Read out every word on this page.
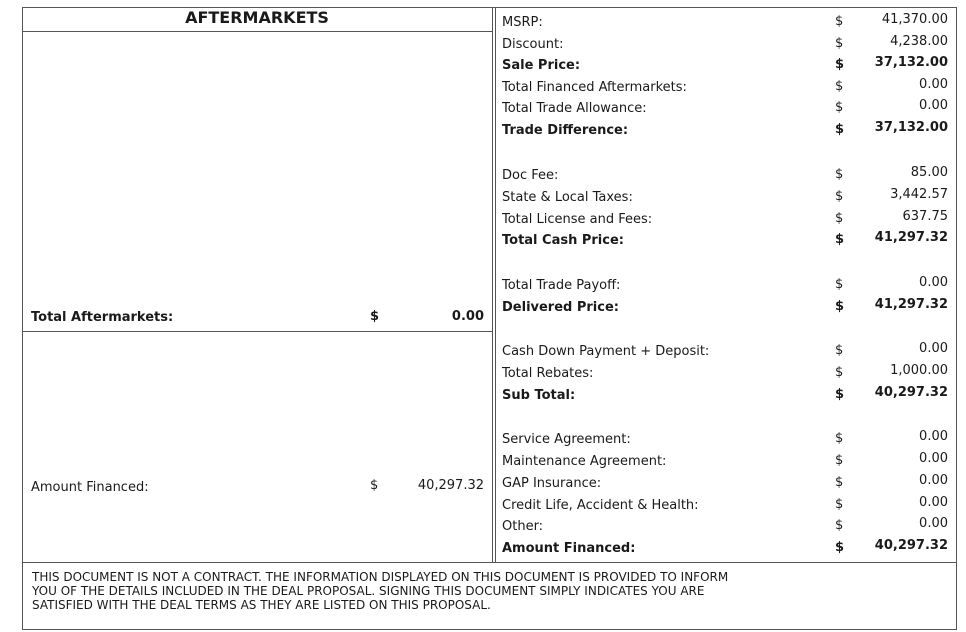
AFTERMARKETS
Total Aftermarkets:	$	0.00
Amount Financed:	$	40,297.32
MSRP:	$	41,370.00
Discount:	$	4,238.00
Sale Price:	$	37,132.00
Total Financed Aftermarkets:	$	0.00
Total Trade Allowance:	$	0.00
Trade Difference:	$	37,132.00
Doc Fee:	$	85.00
State & Local Taxes:	$	3,442.57
Total License and Fees:	$	637.75
Total Cash Price:	$	41,297.32
Total Trade Payoff:	$	0.00
Delivered Price:	$	41,297.32
Cash Down Payment + Deposit:	$	0.00
Total Rebates:	$	1,000.00
Sub Total:	$	40,297.32
Service Agreement:	$	0.00
Maintenance Agreement:	$	0.00
GAP Insurance:	$	0.00
Credit Life, Accident & Health:	$	0.00
Other:	$	0.00
Amount Financed:	$	40,297.32
THIS DOCUMENT IS NOT A CONTRACT. THE INFORMATION DISPLAYED ON THIS DOCUMENT IS PROVIDED TO INFORM
YOU OF THE DETAILS INCLUDED IN THE DEAL PROPOSAL. SIGNING THIS DOCUMENT SIMPLY INDICATES YOU ARE
SATISFIED WITH THE DEAL TERMS AS THEY ARE LISTED ON THIS PROPOSAL.
